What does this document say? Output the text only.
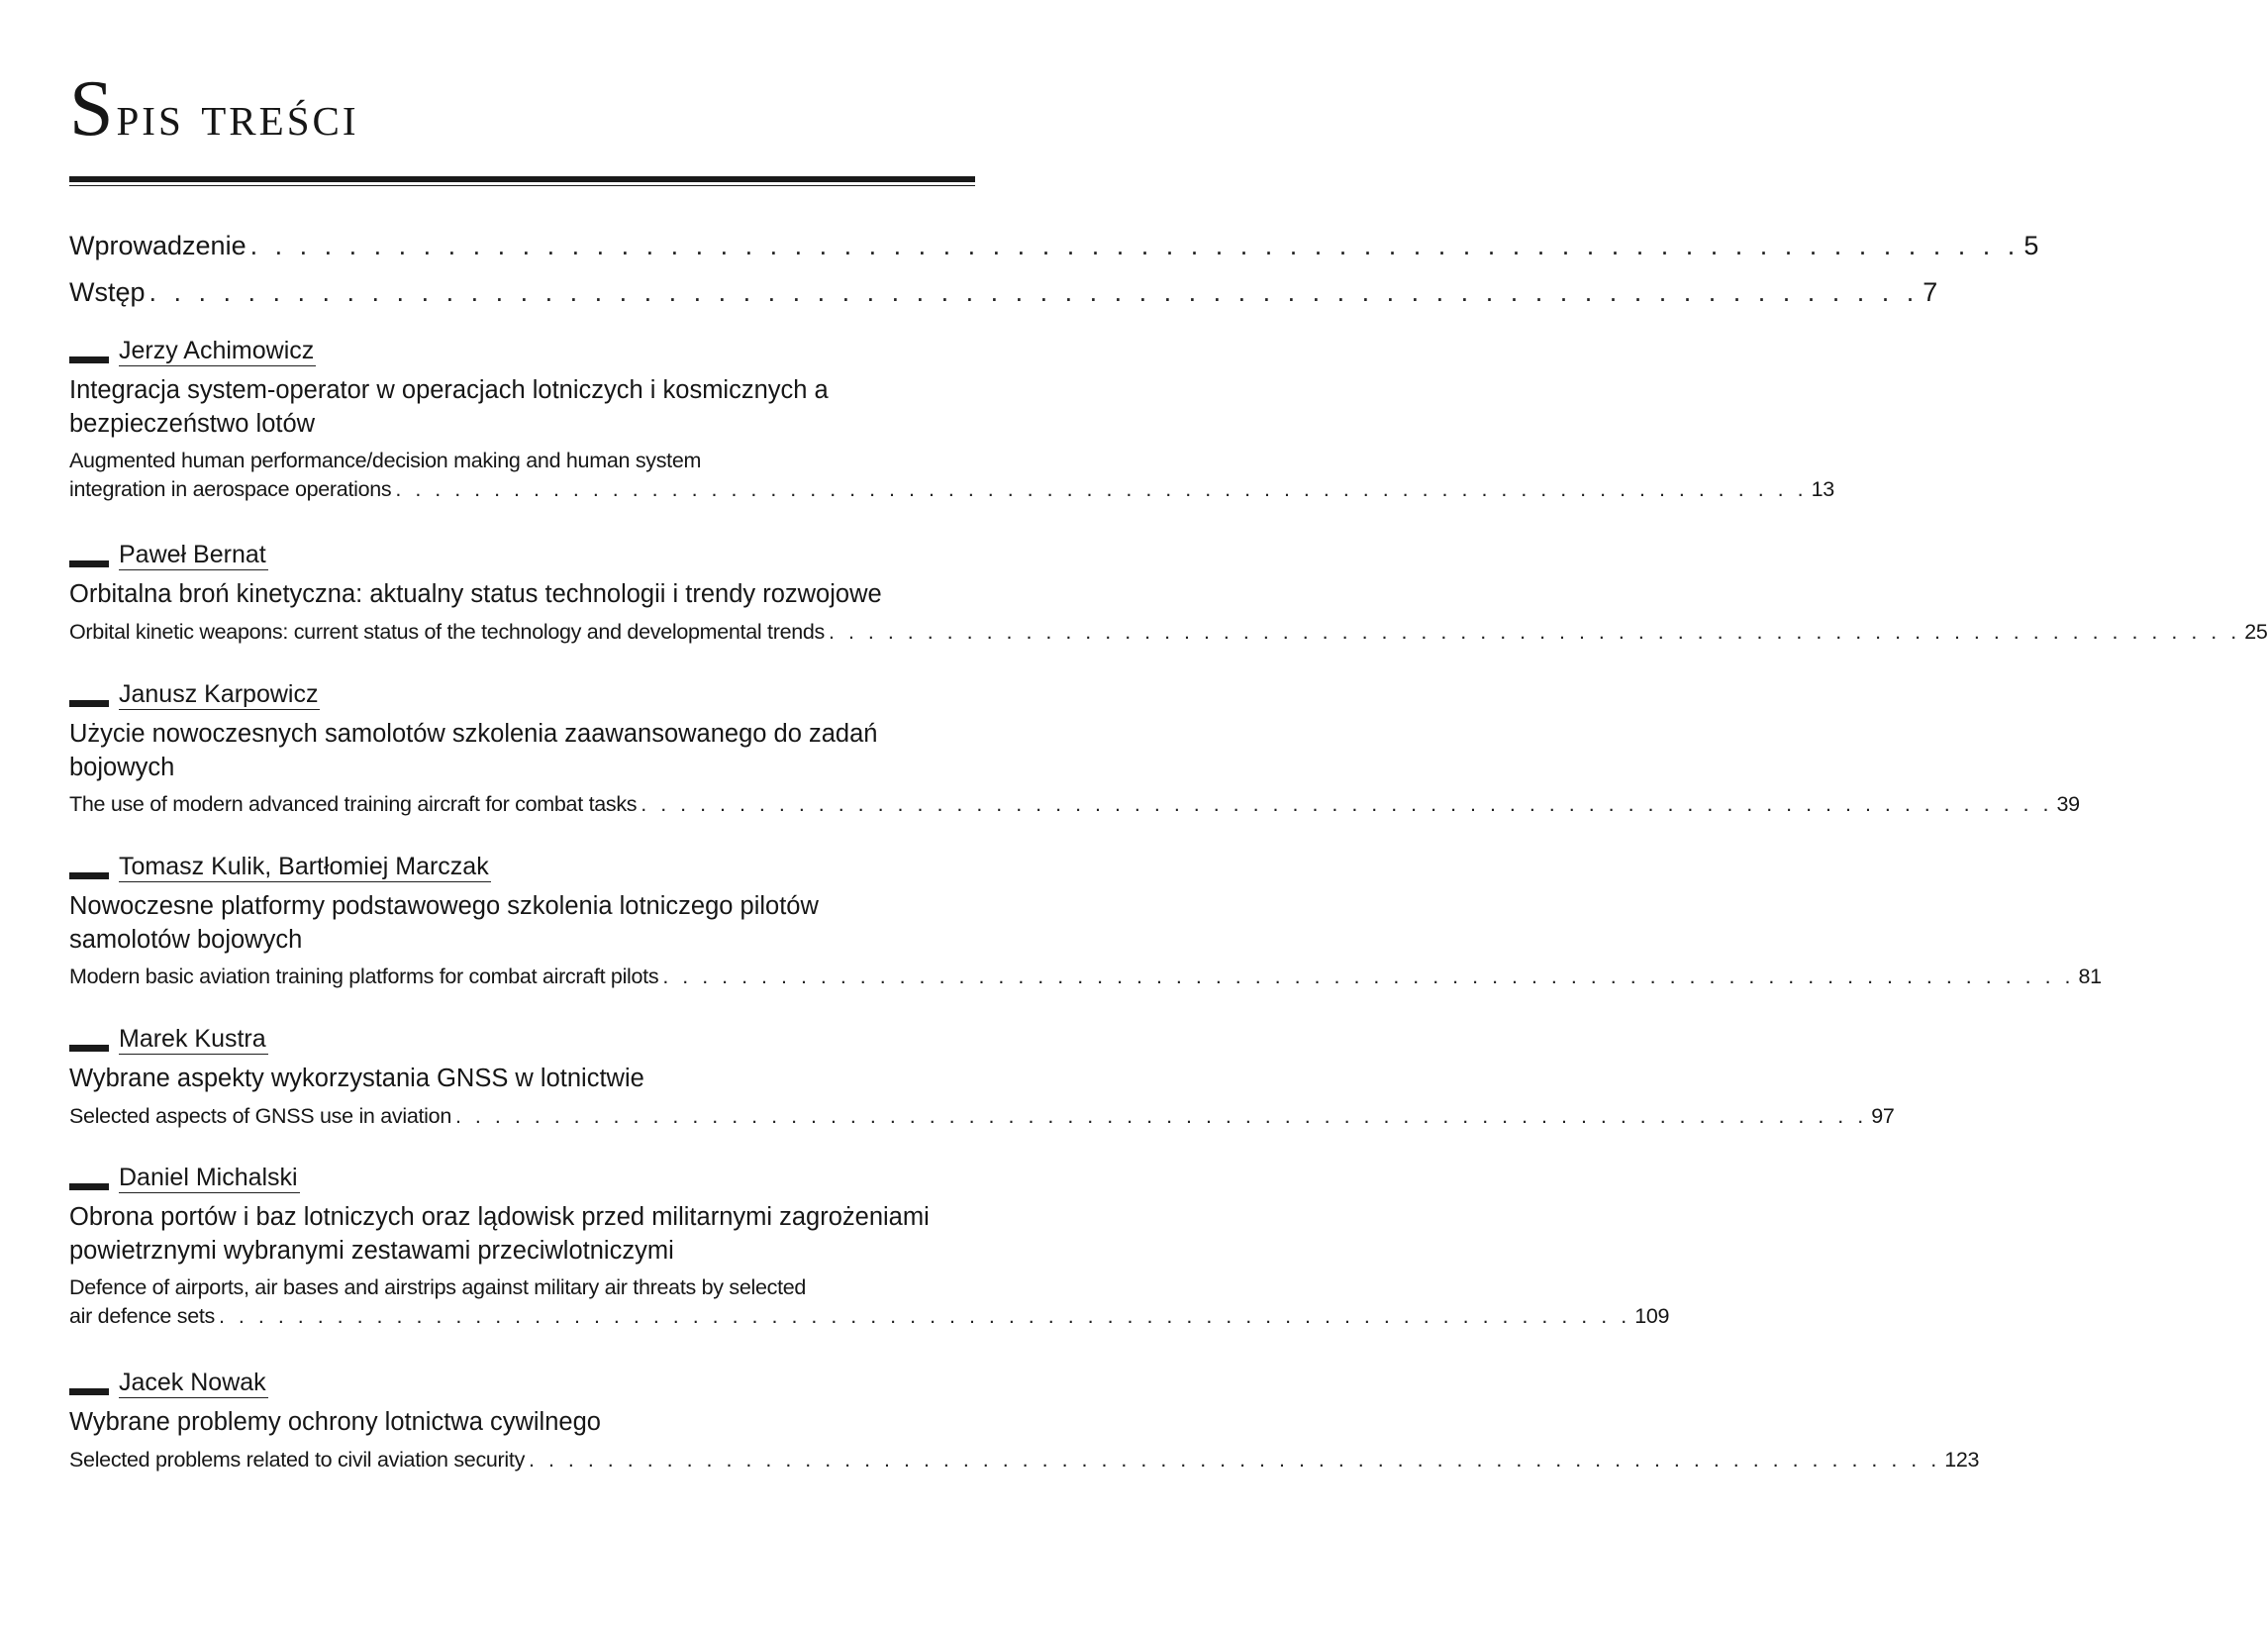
Spis treści
Wprowadzenie . . . . . . . . . . . . . . . . . . . . . . . . . . . . . . . . . . . . . . . . . . . . . . . . . . . . . . . . . . . . . . . . . . . . . . . . 5
Wstęp . . . . . . . . . . . . . . . . . . . . . . . . . . . . . . . . . . . . . . . . . . . . . . . . . . . . . . . . . . . . . . . . . . . . . . . . 7
Jerzy Achimowicz
Integracja system-operator w operacjach lotniczych i kosmicznych a bezpieczeństwo lotów
Augmented human performance/decision making and human system
integration in aerospace operations . . . . . . . . . . . . . . . . . . . . . . . . . . . . . . . . . . . . . . . . . . . . . . . . . . . . . . . . . . . . . . . . . . . . . . . . 13
Paweł Bernat
Orbitalna broń kinetyczna: aktualny status technologii i trendy rozwojowe
Orbital kinetic weapons: current status of the technology and developmental trends . . . . . . . . . . . . . . . . . . . . . . . . . . . . . . . . . . . . . . . . . . . . . . . . . . . . . . . . . . . . . . . . . . . . . . . . 25
Janusz Karpowicz
Użycie nowoczesnych samolotów szkolenia zaawansowanego do zadań bojowych
The use of modern advanced training aircraft for combat tasks . . . . . . . . . . . . . . . . . . . . . . . . . . . . . . . . . . . . . . . . . . . . . . . . . . . . . . . . . . . . . . . . . . . . . . . . 39
Tomasz Kulik, Bartłomiej Marczak
Nowoczesne platformy podstawowego szkolenia lotniczego pilotów samolotów bojowych
Modern basic aviation training platforms for combat aircraft pilots . . . . . . . . . . . . . . . . . . . . . . . . . . . . . . . . . . . . . . . . . . . . . . . . . . . . . . . . . . . . . . . . . . . . . . . . 81
Marek Kustra
Wybrane aspekty wykorzystania GNSS w lotnictwie
Selected aspects of GNSS use in aviation . . . . . . . . . . . . . . . . . . . . . . . . . . . . . . . . . . . . . . . . . . . . . . . . . . . . . . . . . . . . . . . . . . . . . . . . 97
Daniel Michalski
Obrona portów i baz lotniczych oraz lądowisk przed militarnymi zagrożeniami powietrznymi wybranymi zestawami przeciwlotniczymi
Defence of airports, air bases and airstrips against military air threats by selected
air defence sets . . . . . . . . . . . . . . . . . . . . . . . . . . . . . . . . . . . . . . . . . . . . . . . . . . . . . . . . . . . . . . . . . . . . . . . . 109
Jacek Nowak
Wybrane problemy ochrony lotnictwa cywilnego
Selected problems related to civil aviation security . . . . . . . . . . . . . . . . . . . . . . . . . . . . . . . . . . . . . . . . . . . . . . . . . . . . . . . . . . . . . . . . . . . . . . . . 123
